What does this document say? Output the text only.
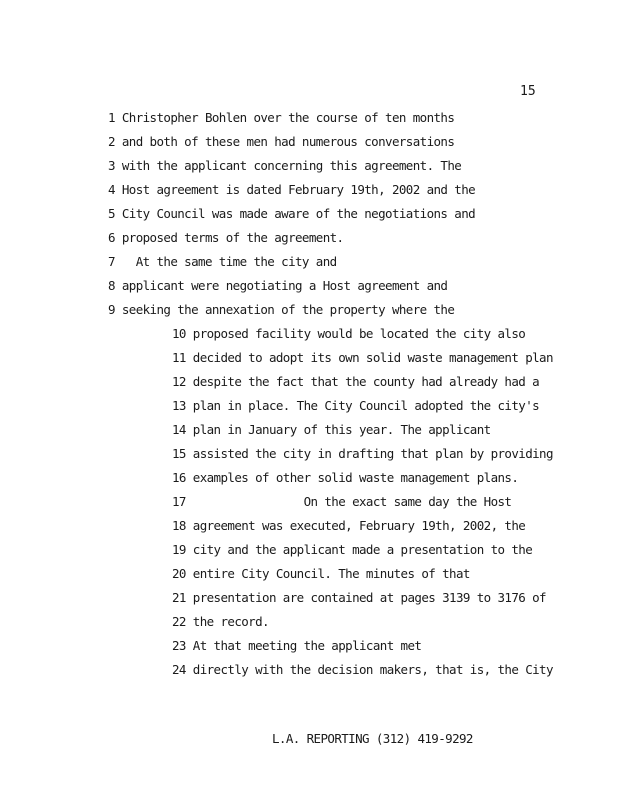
15
1 Christopher Bohlen over the course of ten months
2 and both of these men had numerous conversations
3 with the applicant concerning this agreement. The
4 Host agreement is dated February 19th, 2002 and the
5 City Council was made aware of the negotiations and
6 proposed terms of the agreement.
7   At the same time the city and
8 applicant were negotiating a Host agreement and
9 seeking the annexation of the property where the
10 proposed facility would be located the city also
11 decided to adopt its own solid waste management plan
12 despite the fact that the county had already had a
13 plan in place. The City Council adopted the city's
14 plan in January of this year. The applicant
15 assisted the city in drafting that plan by providing
16 examples of other solid waste management plans.
17                 On the exact same day the Host
18 agreement was executed, February 19th, 2002, the
19 city and the applicant made a presentation to the
20 entire City Council. The minutes of that
21 presentation are contained at pages 3139 to 3176 of
22 the record.
23 At that meeting the applicant met
24 directly with the decision makers, that is, the City
L.A. REPORTING (312) 419-9292
